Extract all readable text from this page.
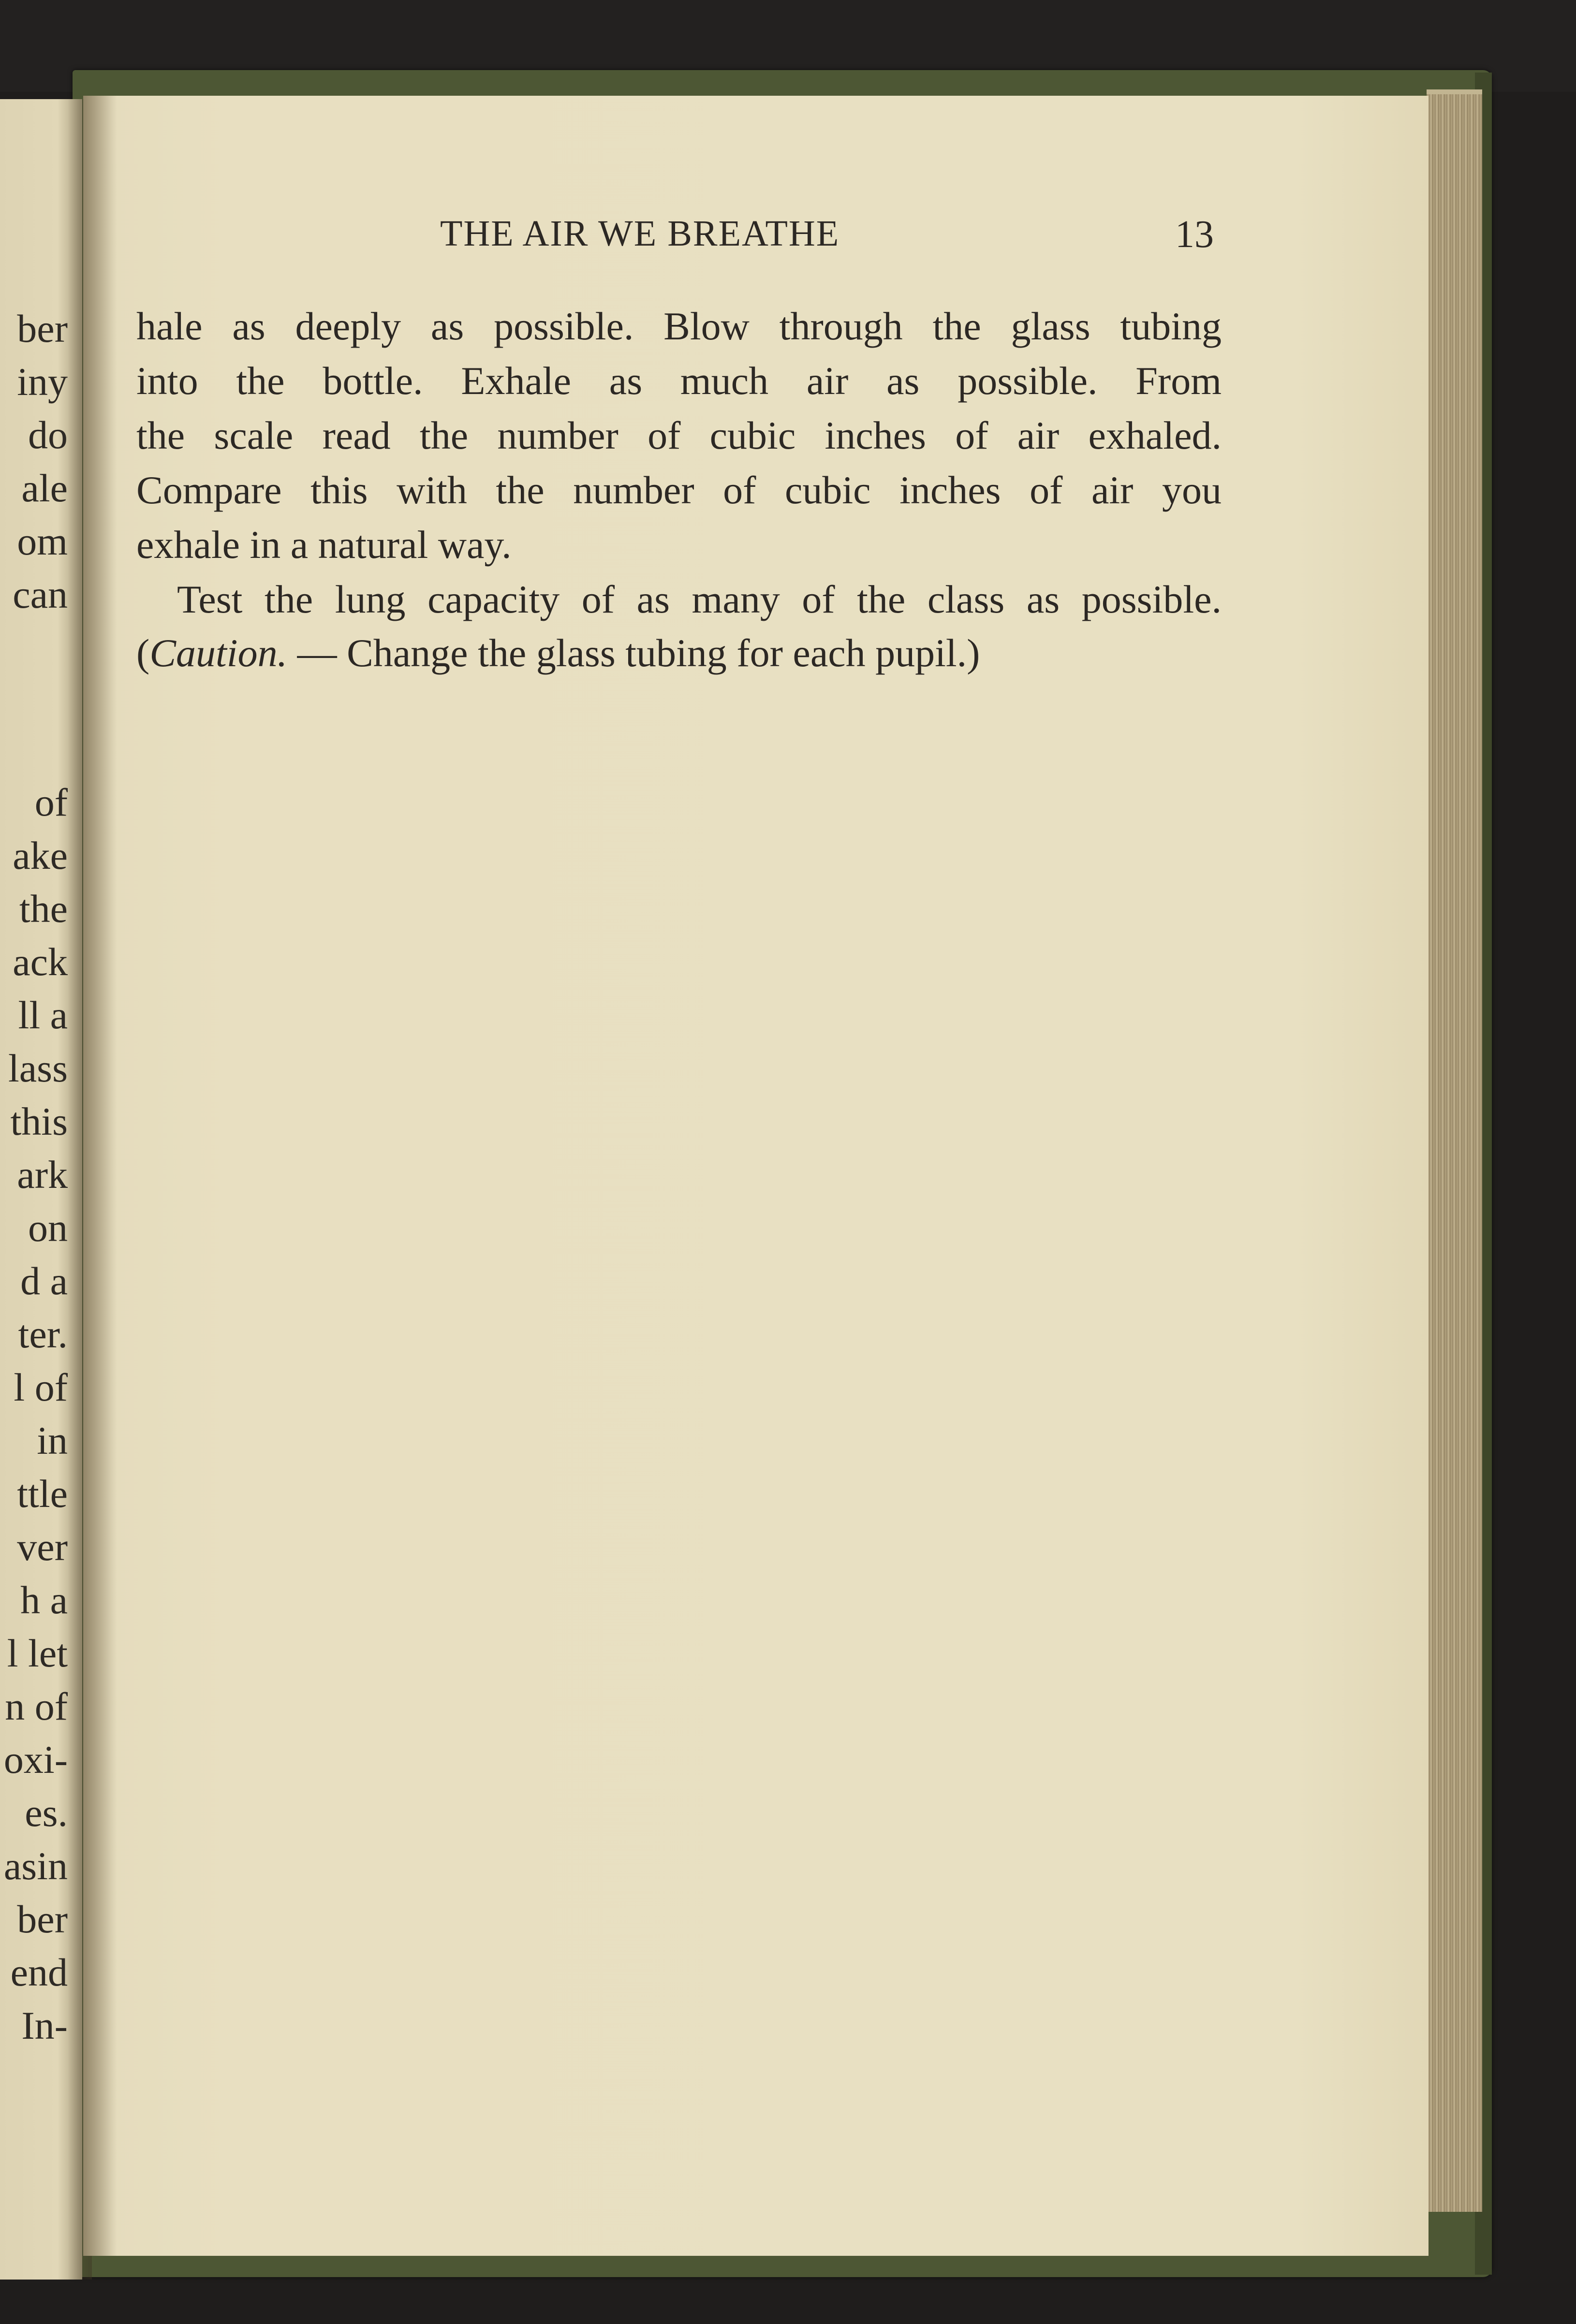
ber
iny
do
ale
om
can
of
ake
the
ack
ll a
lass
this
ark
on
d a
ter.
l of
in
ttle
ver
h a
l let
n of
oxi-
es.
asin
ber
end
In-
THE AIR WE BREATHE	13
hale as deeply as possible. Blow through the glass tubing
into the bottle. Exhale as much air as possible. From
the scale read the number of cubic inches of air exhaled.
Compare this with the number of cubic inches of air you
exhale in a natural way.
Test the lung capacity of as many of the class as possible.
(Caution. — Change the glass tubing for each pupil.)
